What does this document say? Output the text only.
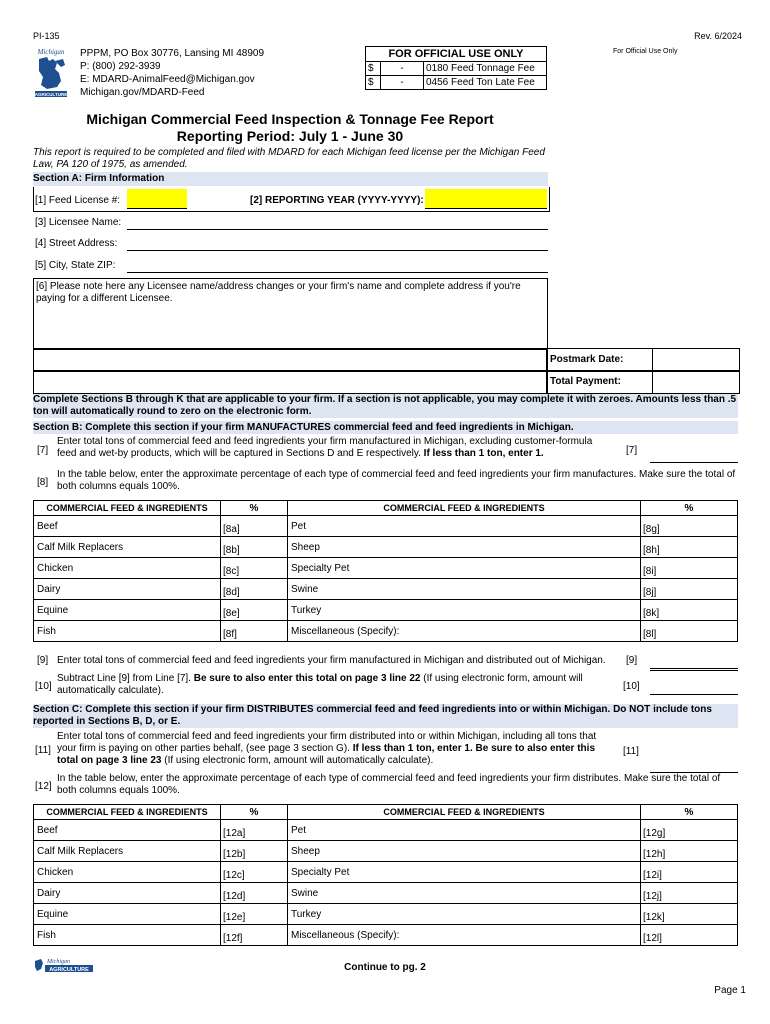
PI-135	Rev. 6/2024
Michigan
AGRICULTURE
PPPM, PO Box 30776, Lansing MI 48909
P: (800) 292-3939
E: MDARD-AnimalFeed@Michigan.gov
Michigan.gov/MDARD-Feed
FOR OFFICIAL USE ONLY
$	-	0180 Feed Tonnage Fee
$	-	0456 Feed Ton Late Fee
For Official Use Only
Michigan Commercial Feed Inspection & Tonnage Fee Report
Reporting Period: July 1 - June 30
This report is required to be completed and filed with MDARD for each Michigan feed license per the Michigan Feed Law, PA 120 of 1975, as amended.
Section A: Firm Information
[1] Feed License #:	[2] REPORTING YEAR (YYYY-YYYY):
[3] Licensee Name:
[4] Street Address:
[5] City, State ZIP:
[6] Please note here any Licensee name/address changes or your firm's name and complete address if you're paying for a different Licensee.
Postmark Date:
Total Payment:
Complete Sections B through K that are applicable to your firm. If a section is not applicable, you may complete it with zeroes. Amounts less than .5 ton will automatically round to zero on the electronic form.
Section B: Complete this section if your firm MANUFACTURES commercial feed and feed ingredients in Michigan.
[7]
Enter total tons of commercial feed and feed ingredients your firm manufactured in Michigan, excluding customer-formula
feed and wet-by products, which will be captured in Sections D and E respectively. If less than 1 ton, enter 1.	[7]
[8]
In the table below, enter the approximate percentage of each type of commercial feed and feed ingredients your firm manufactures. Make sure the total of both columns equals 100%.
COMMERCIAL FEED & INGREDIENTS	%	COMMERCIAL FEED & INGREDIENTS	%
Beef	[8a]	Pet	[8g]

Calf Milk Replacers	[8b]	Sheep	[8h]

Chicken	[8c]	Specialty Pet	[8i]

Dairy	[8d]	Swine	[8j]

Equine	[8e]	Turkey	[8k]

Fish	[8f]	Miscellaneous (Specify):	[8l]
[9] Enter total tons of commercial feed and feed ingredients your firm manufactured in Michigan and distributed out of Michigan. [9]
[10]
Subtract Line [9] from Line [7]. Be sure to also enter this total on page 3 line 22 (If using electronic form, amount will automatically calculate).	[10]
Section C: Complete this section if your firm DISTRIBUTES commercial feed and feed ingredients into or within Michigan. Do NOT include tons reported in Sections B, D, or E.
[11]
Enter total tons of commercial feed and feed ingredients your firm distributed into or within Michigan, including all tons that
your firm is paying on other parties behalf, (see page 3 section G). If less than 1 ton, enter 1. Be sure to also enter this
total on page 3 line 23 (If using electronic form, amount will automatically calculate).
[11]
[12]
In the table below, enter the approximate percentage of each type of commercial feed and feed ingredients your firm distributes. Make sure the total of both columns equals 100%.
COMMERCIAL FEED & INGREDIENTS	%	COMMERCIAL FEED & INGREDIENTS	%
Beef	[12a]	Pet	[12g]

Calf Milk Replacers	[12b]	Sheep	[12h]

Chicken	[12c]	Specialty Pet	[12i]

Dairy	[12d]	Swine	[12j]

Equine	[12e]	Turkey	[12k]

Fish	[12f]	Miscellaneous (Specify):	[12l]
Michigan
AGRICULTURE	Continue to pg. 2
Page 1
